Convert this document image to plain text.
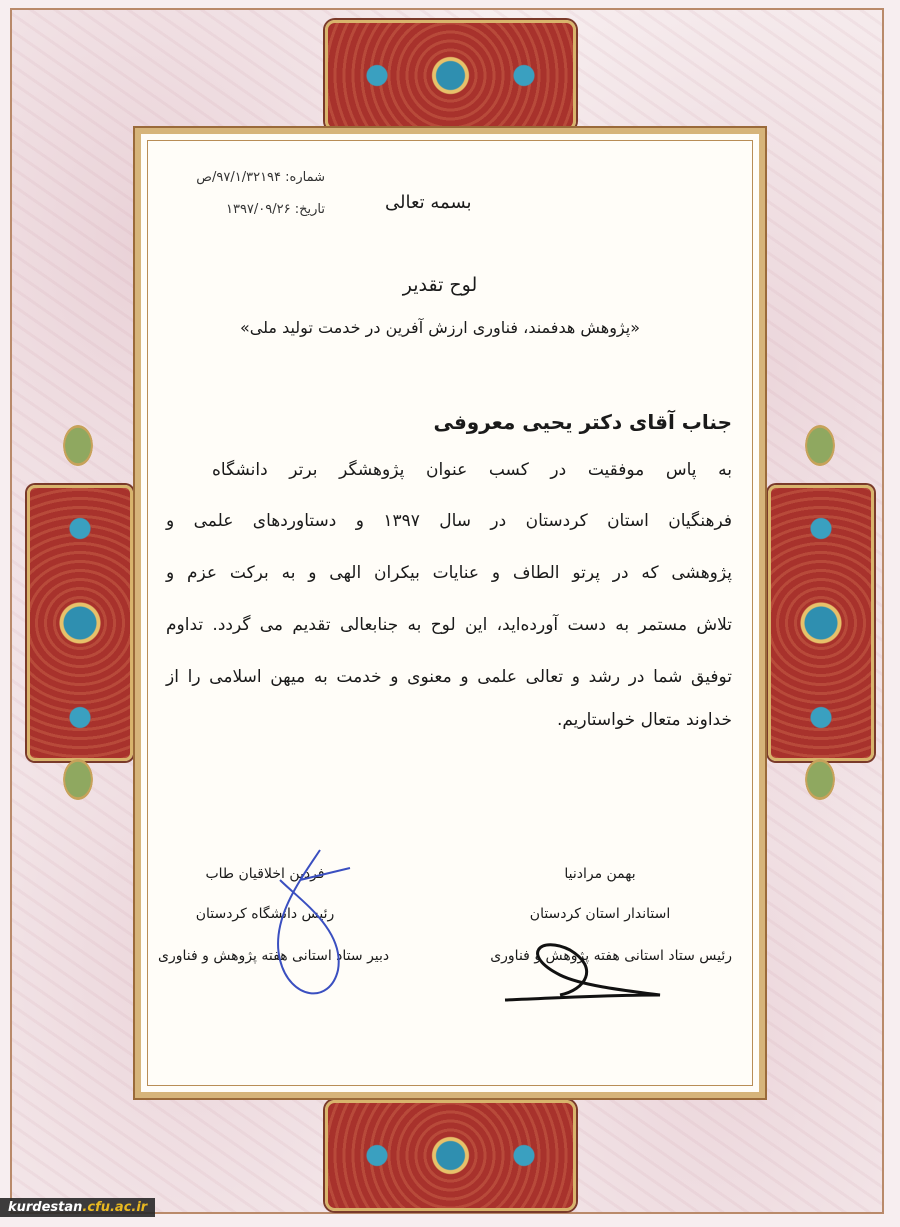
شماره: ۹۷/۱/۳۲۱۹۴/ص
تاریخ: ۱۳۹۷/۰۹/۲۶	بسمه تعالی
لوح تقدیر
«پژوهش هدفمند، فناوری ارزش آفرین در خدمت تولید ملی»
جناب آقای دکتر یحیی معروفی
به پاس موفقیت در کسب عنوان پژوهشگر برتر دانشگاه
فرهنگیان استان کردستان در سال ۱۳۹۷ و دستاوردهای علمی و
پژوهشی که در پرتو الطاف و عنایات بیکران الهی و به برکت عزم و
تلاش مستمر به دست آورده‌اید، این لوح به جنابعالی تقدیم می گردد. تداوم
توفیق شما در رشد و تعالی علمی و معنوی و خدمت به میهن اسلامی را از
خداوند متعال خواستاریم.
بهمن مرادنیا
استاندار استان کردستان
رئیس ستاد استانی هفته پژوهش و فناوری
فردین اخلاقیان طاب
رئیس دانشگاه کردستان
دبیر ستاد استانی هفته پژوهش و فناوری
kurdestan.cfu.ac.ir
